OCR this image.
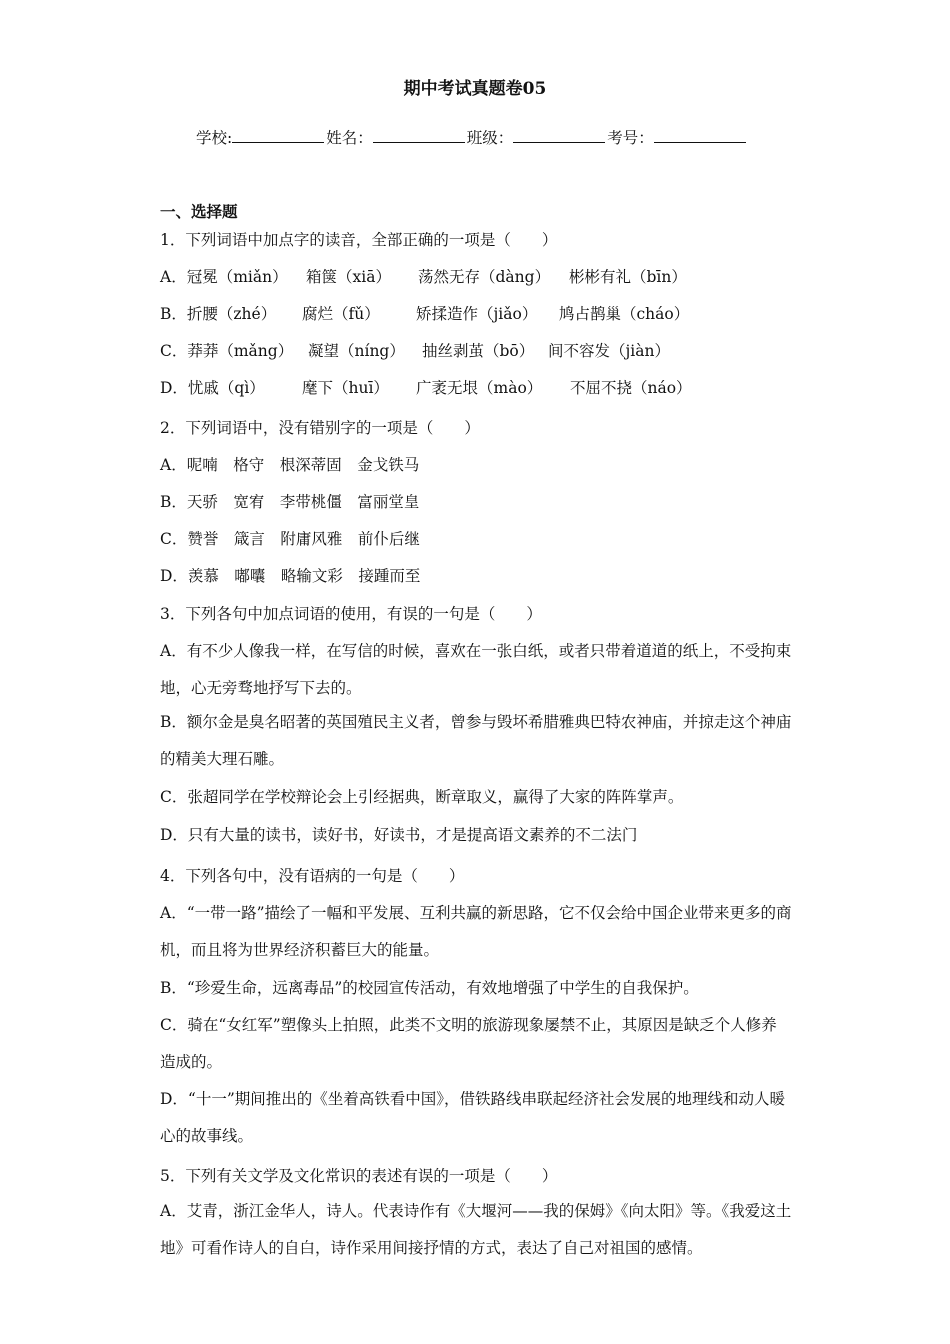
期中考试真题卷05
学校:	姓名：	班级：	考号：
一、选择题
1．下列词语中加点字的读音，全部正确的一项是（　　）
A．冠冕（miǎn） 箱箧（xiā） 荡然无存（dàng） 彬彬有礼（bīn）
B．折腰（zhé） 腐烂（fǔ） 矫揉造作（jiǎo） 鸠占鹊巢（cháo）
C．莽莽（mǎng） 凝望（níng） 抽丝剥茧（bō） 间不容发（jiàn）
D．忧戚（qì） 麾下（huī） 广袤无垠（mào） 不屈不挠（náo）
2．下列词语中，没有错别字的一项是（　　）
A．呢喃　格守　根深蒂固　金戈铁马
B．天骄　宽宥　李带桃僵　富丽堂皇
C．赞誉　箴言　附庸风雅　前仆后继
D．羡慕　嘟囔　略输文彩　接踵而至
3．下列各句中加点词语的使用，有误的一句是（　　）
A．有不少人像我一样，在写信的时候，喜欢在一张白纸，或者只带着道道的纸上，不受拘束地，心无旁骛地抒写下去的。
B．额尔金是臭名昭著的英国殖民主义者，曾参与毁坏希腊雅典巴特农神庙，并掠走这个神庙的精美大理石雕。
C．张超同学在学校辩论会上引经据典，断章取义，赢得了大家的阵阵掌声。
D．只有大量的读书，读好书，好读书，才是提高语文素养的不二法门
4．下列各句中，没有语病的一句是（　　）
A．“一带一路”描绘了一幅和平发展、互利共赢的新思路，它不仅会给中国企业带来更多的商机，而且将为世界经济积蓄巨大的能量。
B．“珍爱生命，远离毒品”的校园宣传活动，有效地增强了中学生的自我保护。
C．骑在“女红军”塑像头上拍照，此类不文明的旅游现象屡禁不止，其原因是缺乏个人修养造成的。
D．“十一”期间推出的《坐着高铁看中国》，借铁路线串联起经济社会发展的地理线和动人暖心的故事线。
5．下列有关文学及文化常识的表述有误的一项是（　　）
A．艾青，浙江金华人，诗人。代表诗作有《大堰河——我的保姆》《向太阳》等。《我爱这土地》可看作诗人的自白，诗作采用间接抒情的方式，表达了自己对祖国的感情。
